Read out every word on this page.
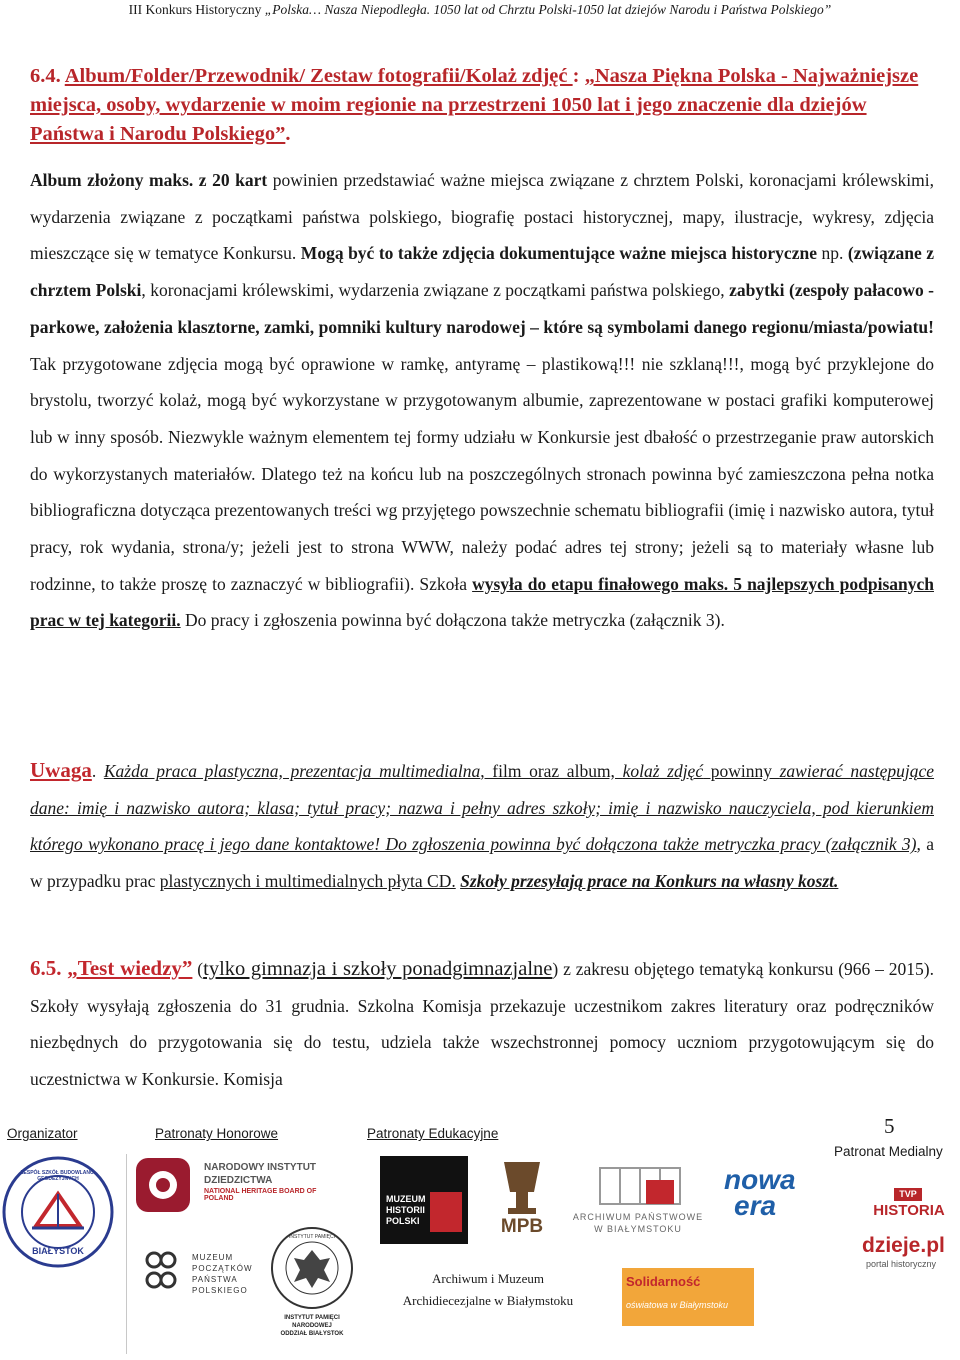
III Konkurs Historyczny „Polska… Nasza Niepodległa. 1050 lat od Chrztu Polski-1050 lat dziejów Narodu i Państwa Polskiego”

6.4. Album/Folder/Przewodnik/ Zestaw fotografii/Kolaż zdjęć : „Nasza Piękna Polska - Najważniejsze miejsca, osoby, wydarzenie w moim regionie na przestrzeni 1050 lat i jego znaczenie dla dziejów Państwa i Narodu Polskiego”.

Album złożony maks. z 20 kart powinien przedstawiać ważne miejsca związane z chrztem Polski, koronacjami królewskimi, wydarzenia związane z początkami państwa polskiego, biografię postaci historycznej, mapy, ilustracje, wykresy, zdjęcia mieszczące się w tematyce Konkursu. Mogą być to także zdjęcia dokumentujące ważne miejsca historyczne np. (związane z chrztem Polski, koronacjami królewskimi, wydarzenia związane z początkami państwa polskiego, zabytki (zespoły pałacowo - parkowe, założenia klasztorne, zamki, pomniki kultury narodowej – które są symbolami danego regionu/miasta/powiatu! Tak przygotowane zdjęcia mogą być oprawione w ramkę, antyramę – plastikową!!! nie szklaną!!!, mogą być przyklejone do brystolu, tworzyć kolaż, mogą być wykorzystane w przygotowanym albumie, zaprezentowane w postaci grafiki komputerowej lub w inny sposób. Niezwykle ważnym elementem tej formy udziału w Konkursie jest dbałość o przestrzeganie praw autorskich do wykorzystanych materiałów. Dlatego też na końcu lub na poszczególnych stronach powinna być zamieszczona pełna notka bibliograficzna dotycząca prezentowanych treści wg przyjętego powszechnie schematu bibliografii (imię i nazwisko autora, tytuł pracy, rok wydania, strona/y; jeżeli jest to strona WWW, należy podać adres tej strony; jeżeli są to materiały własne lub rodzinne, to także proszę to zaznaczyć w bibliografii). Szkoła wysyła do etapu finałowego maks. 5 najlepszych podpisanych prac w tej kategorii. Do pracy i zgłoszenia powinna być dołączona także metryczka (załącznik 3).

Uwaga. Każda praca plastyczna, prezentacja multimedialna, film oraz album, kolaż zdjęć powinny zawierać następujące dane: imię i nazwisko autora; klasa; tytuł pracy; nazwa i pełny adres szkoły; imię i nazwisko nauczyciela, pod kierunkiem którego wykonano pracę i jego dane kontaktowe! Do zgłoszenia powinna być dołączona także metryczka pracy (załącznik 3), a w przypadku prac plastycznych i multimedialnych płyta CD. Szkoły przesyłają prace na Konkurs na własny koszt.

6.5. „Test wiedzy” (tylko gimnazja i szkoły ponadgimnazjalne) z zakresu objętego tematyką konkursu (966 – 2015). Szkoły wysyłają zgłoszenia do 31 grudnia. Szkolna Komisja przekazuje uczestnikom zakres literatury oraz podręczników niezbędnych do przygotowania się do testu, udziela także wszechstronnej pomocy uczniom przygotowującym się do uczestnictwa w Konkursie. Komisja

5
Organizator	Patronaty Honorowe	Patronaty Edukacyjne
Patronat Medialny
ZESPÓŁ SZKÓŁ BUDOWLANO-GEODEZYJNYCH
BIAŁYSTOK
NARODOWY INSTYTUT
DZIEDZICTWA
NATIONAL HERITAGE BOARD OF POLAND
MUZEUM
POCZĄTKÓW
PAŃSTWA
POLSKIEGO
INSTYTUT PAMIĘCI
INSTYTUT PAMIĘCI
NARODOWEJ
ODDZIAŁ BIAŁYSTOK
MUZEUM
HISTORII
POLSKI	MPB	ARCHIWUM PAŃSTWOWE
W BIAŁYMSTOKU
nowa
era
Solidarność
oświatowa w Białymstoku
Archiwum i Muzeum
Archidiecezjalne w Białymstoku
TVP
HISTORIA
dzieje.pl
portal historyczny
